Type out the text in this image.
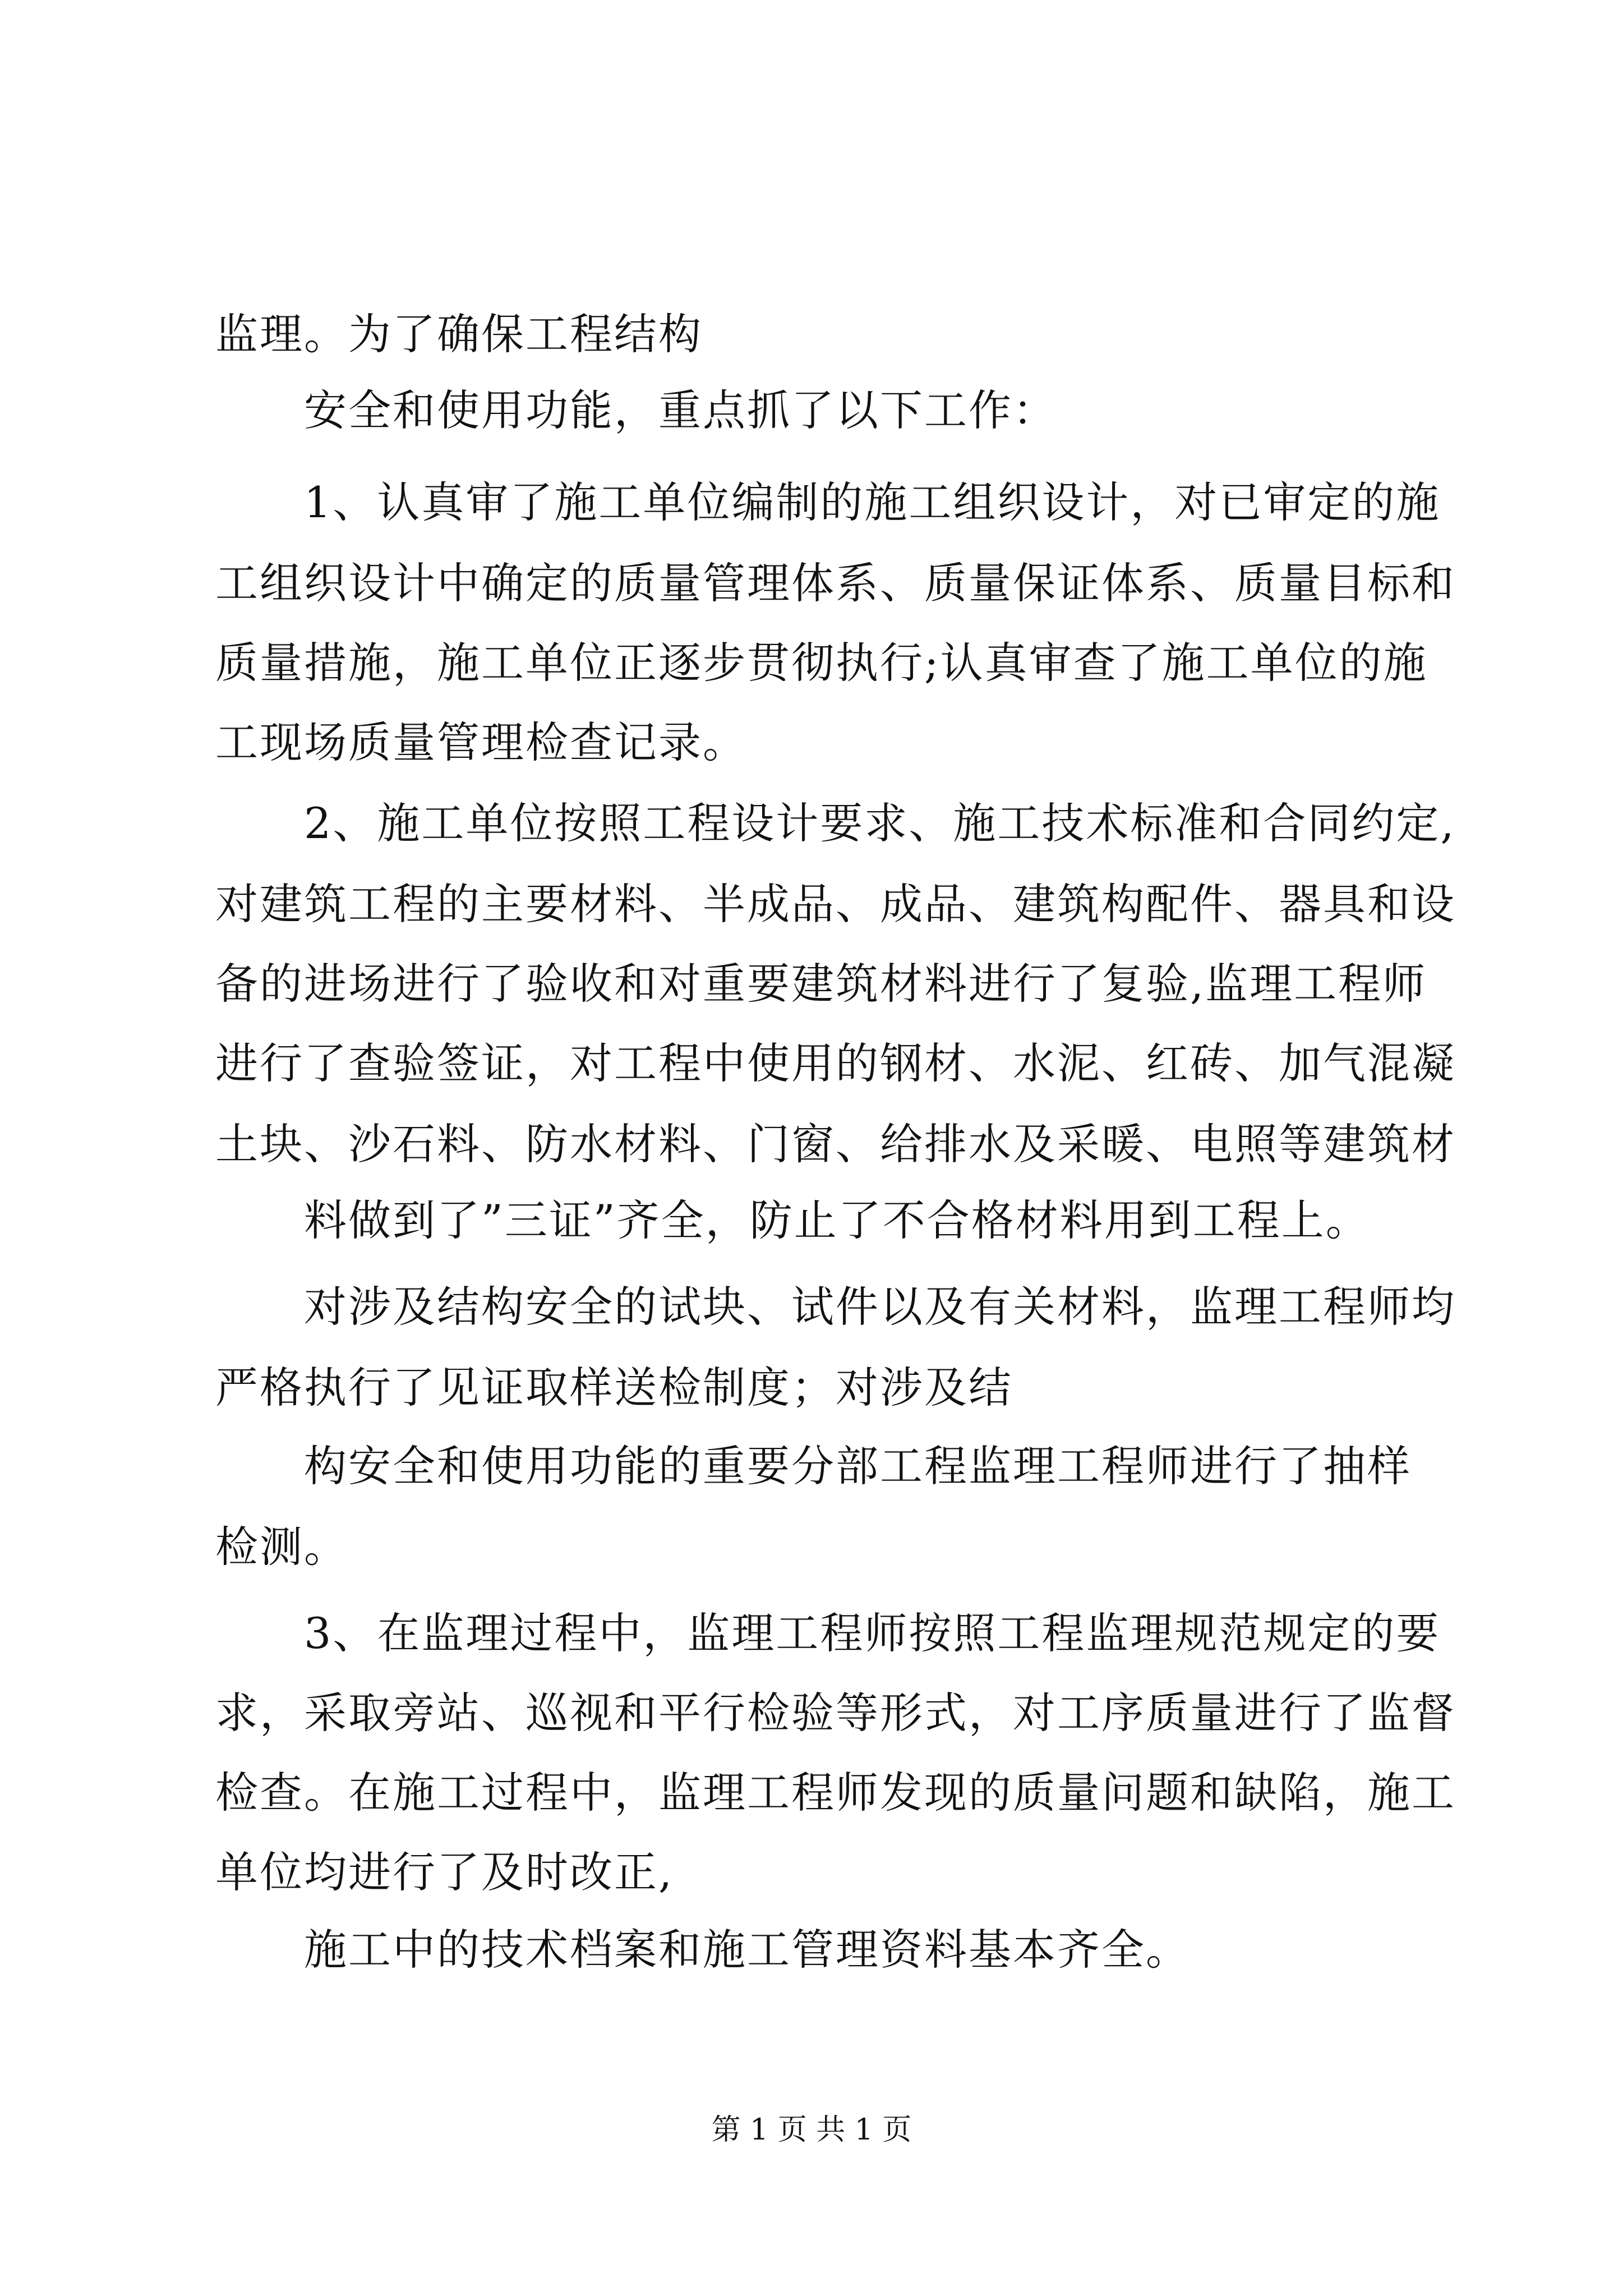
监理。为了确保工程结构
　　安全和使用功能，重点抓了以下工作：
　　1、认真审了施工单位编制的施工组织设计，对已审定的施
工组织设计中确定的质量管理体系、质量保证体系、质量目标和
质量措施，施工单位正逐步贯彻执行;认真审查了施工单位的施
工现场质量管理检查记录。
　　2、施工单位按照工程设计要求、施工技术标准和合同约定,
对建筑工程的主要材料、半成品、成品、建筑构配件、器具和设
备的进场进行了验收和对重要建筑材料进行了复验,监理工程师
进行了查验签证，对工程中使用的钢材、水泥、红砖、加气混凝
土块、沙石料、防水材料、门窗、给排水及采暖、电照等建筑材
　　料做到了”三证”齐全，防止了不合格材料用到工程上。
　　对涉及结构安全的试块、试件以及有关材料，监理工程师均
严格执行了见证取样送检制度；对涉及结
　　构安全和使用功能的重要分部工程监理工程师进行了抽样
检测。
　　3、在监理过程中，监理工程师按照工程监理规范规定的要
求，采取旁站、巡视和平行检验等形式，对工序质量进行了监督
检查。在施工过程中，监理工程师发现的质量问题和缺陷，施工
单位均进行了及时改正,
　　施工中的技术档案和施工管理资料基本齐全。
第 1 页 共 1 页
